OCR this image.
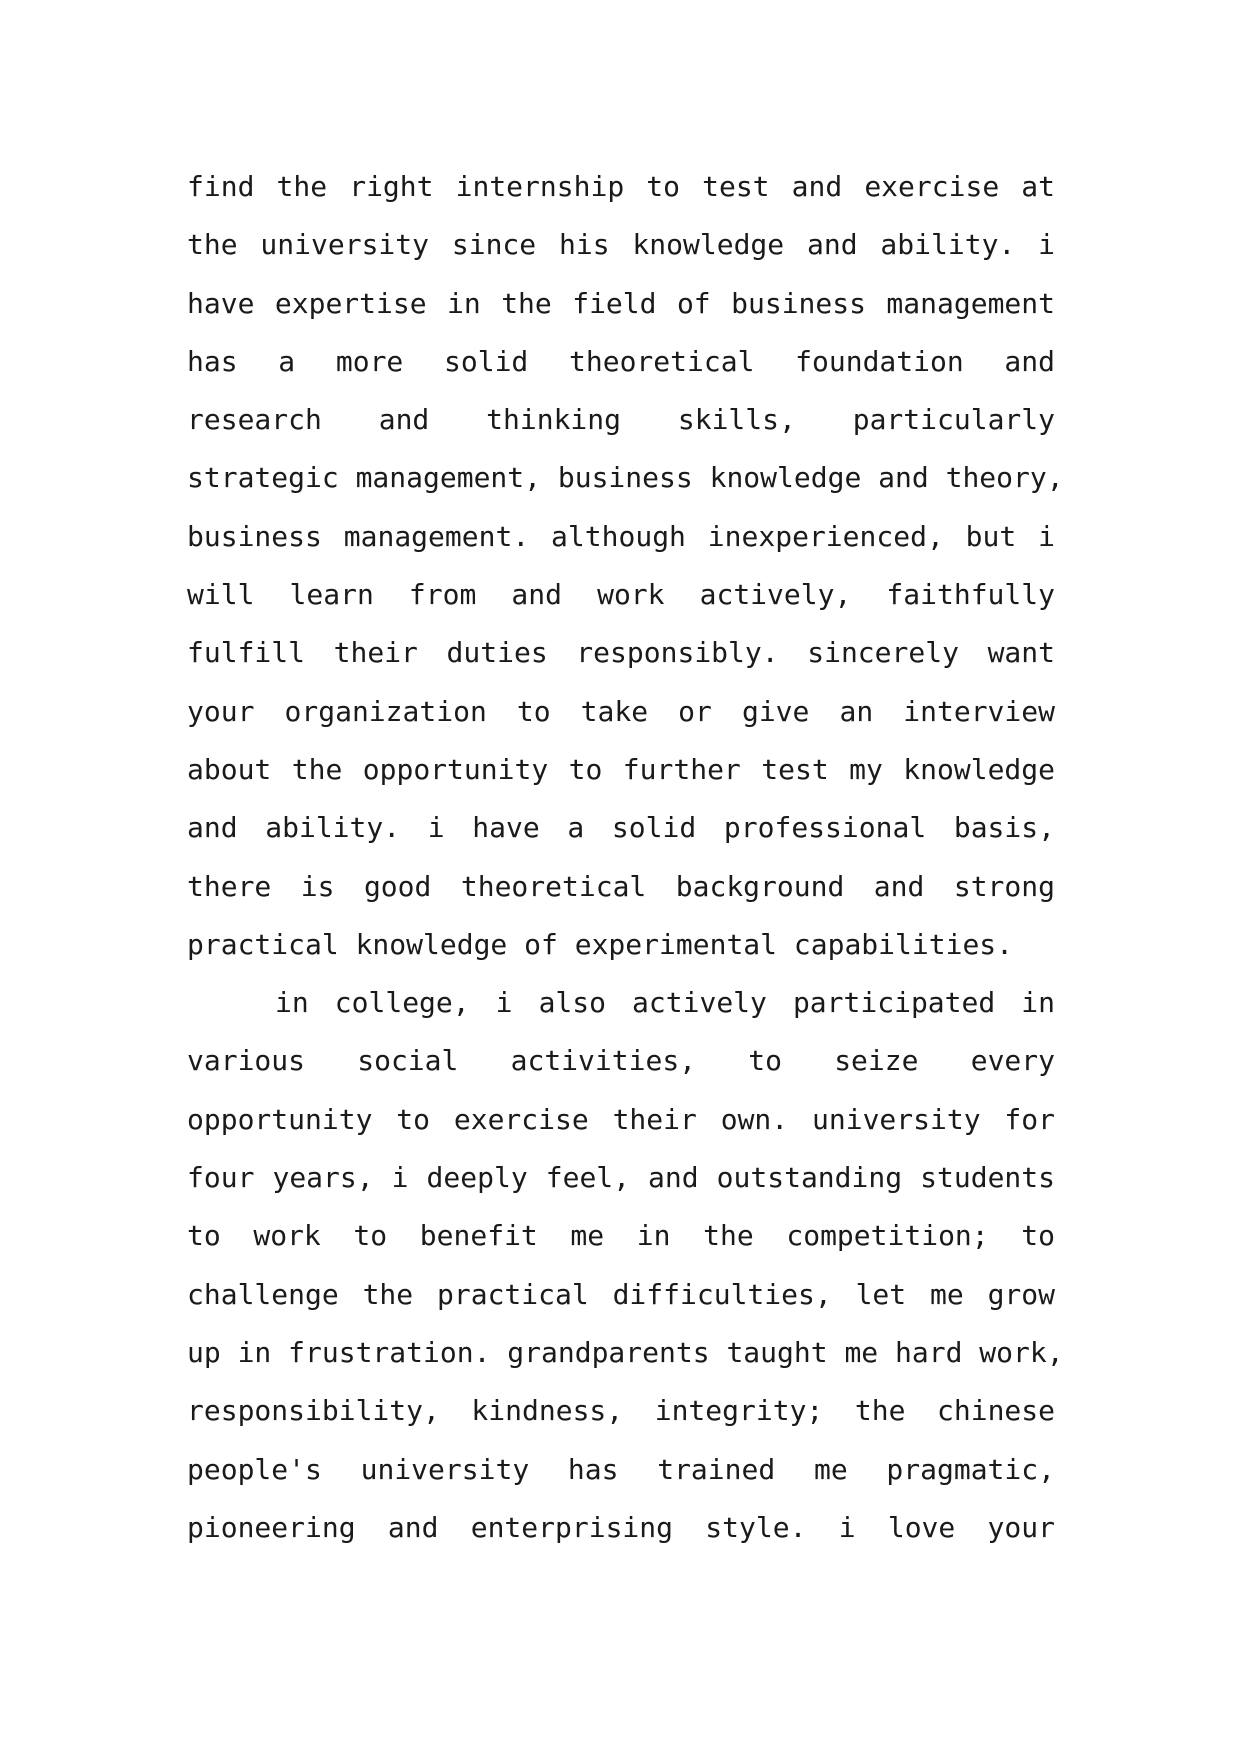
find the right internship to test and exercise at
the university since his knowledge and ability. i
have expertise in the field of business management
has a more solid theoretical foundation and
research and thinking skills, particularly
strategic management, business knowledge and theory,
business management. although inexperienced, but i
will learn from and work actively, faithfully
fulfill their duties responsibly. sincerely want
your organization to take or give an interview
about the opportunity to further test my knowledge
and ability. i have a solid professional basis,
there is good theoretical background and strong
practical knowledge of experimental capabilities.
in college, i also actively participated in
various social activities, to seize every
opportunity to exercise their own. university for
four years, i deeply feel, and outstanding students
to work to benefit me in the competition; to
challenge the practical difficulties, let me grow
up in frustration. grandparents taught me hard work,
responsibility, kindness, integrity; the chinese
people's university has trained me pragmatic,
pioneering and enterprising style. i love your
